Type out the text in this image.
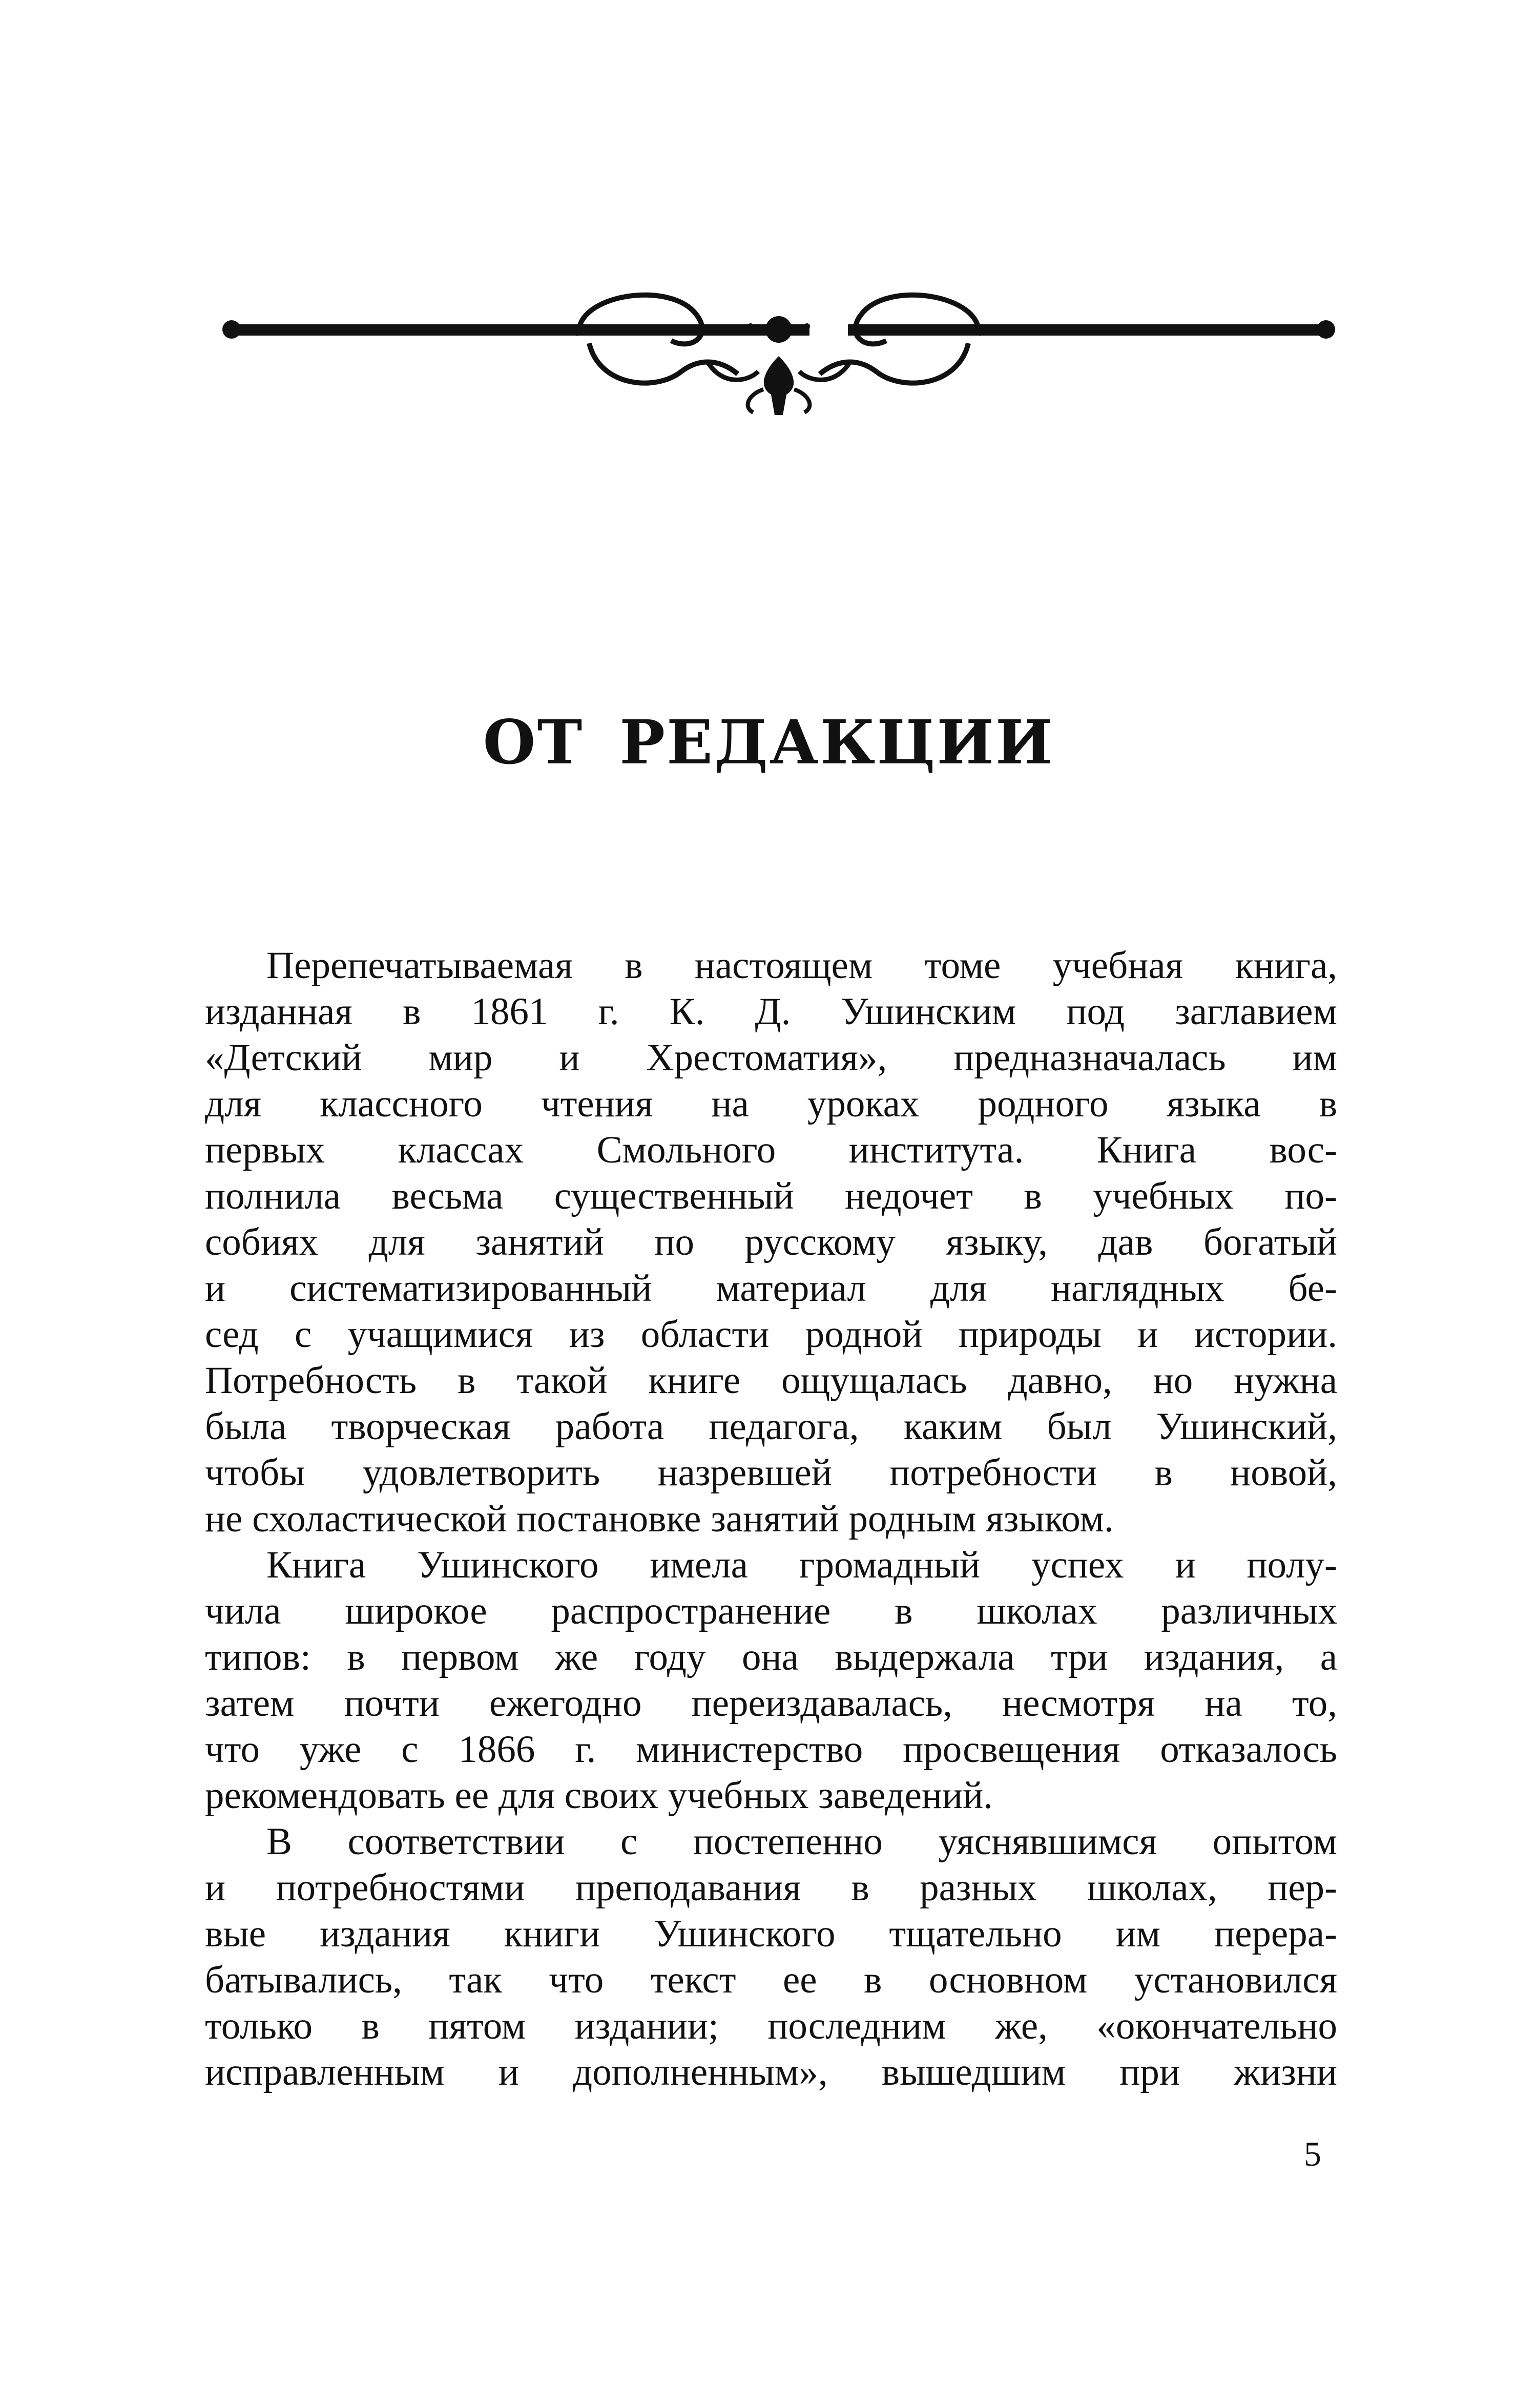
ОТ РЕДАКЦИИ
Перепечатываемая в настоящем томе учебная книга,
изданная в 1861 г. К. Д. Ушинским под заглавием
«Детский мир и Хрестоматия», предназначалась им
для классного чтения на уроках родного языка в
первых классах Смольного института. Книга вос-
полнила весьма существенный недочет в учебных по-
собиях для занятий по русскому языку, дав богатый
и систематизированный материал для наглядных бе-
сед с учащимися из области родной природы и истории.
Потребность в такой книге ощущалась давно, но нужна
была творческая работа педагога, каким был Ушинский,
чтобы удовлетворить назревшей потребности в новой,
не схоластической постановке занятий родным языком.
Книга Ушинского имела громадный успех и полу-
чила широкое распространение в школах различных
типов: в первом же году она выдержала три издания, а
затем почти ежегодно переиздавалась, несмотря на то,
что уже с 1866 г. министерство просвещения отказалось
рекомендовать ее для своих учебных заведений.
В соответствии с постепенно уяснявшимся опытом
и потребностями преподавания в разных школах, пер-
вые издания книги Ушинского тщательно им перера-
батывались, так что текст ее в основном установился
только в пятом издании; последним же, «окончательно
исправленным и дополненным», вышедшим при жизни
5
